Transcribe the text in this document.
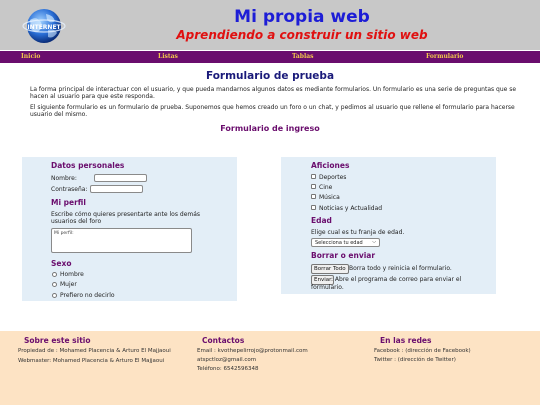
INTERNET
Mi propia web
Aprendiendo a construir un sitio web
Inicio	Listas	Tablas	Formulario
Formulario de prueba
La forma principal de interactuar con el usuario, y que pueda mandarnos algunos datos es mediante formularios. Un formulario es una serie de preguntas que se hacen al usuario para que este responda.
El siguiente formulario es un formulario de prueba. Suponemos que hemos creado un foro o un chat, y pedimos al usuario que rellene el formulario para hacerse usuario del mismo.
Formulario de ingreso
Datos personales
Nombre:
Contraseña:
Mi perfil
Escribe cómo quieres presentarte ante los demás usuarios del foro
Mi perfil:
Sexo
Hombre
Mujer
Prefiero no decirlo
Aficiones
Deportes
Cine
Música
Noticias y Actualidad
Edad
Elige cual es tu franja de edad.
Selecciona tu edad ⌵
Borrar o enviar
Borrar Todo Borra todo y reinicia el formulario.
Enviar : Abre el programa de correo para enviar el
formulario.
Sobre este sitio
Propiedad de : Mohamed Placencia & Arturo El Majjaoui
Webmaster: Mohamed Placencia & Arturo El Majjaoui
Contactos
Email : kvothepelirrojo@protonmail.com
atspctloz@gmail.com
Teléfono: 6542596348
En las redes
Facebook : (dirección de Facebook)
Twitter : (dirección de Twitter)
